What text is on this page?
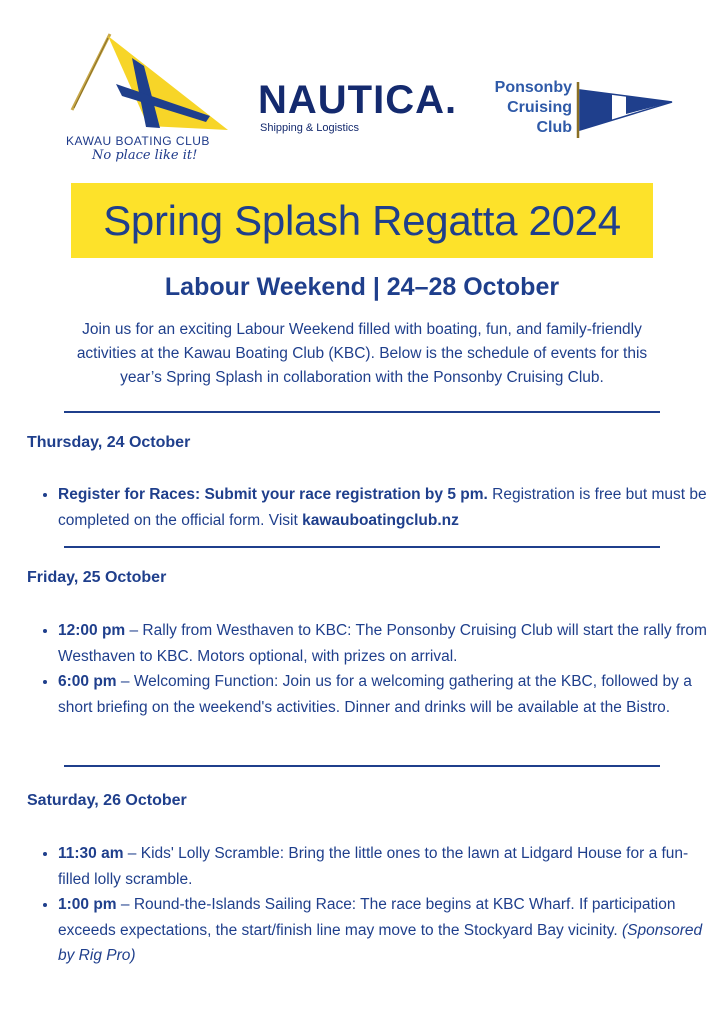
KAWAU BOATING CLUB
No place like it!
NAUTICA.
Shipping & Logistics
Ponsonby
Cruising
Club
Spring Splash Regatta 2024
Labour Weekend | 24–28 October
Join us for an exciting Labour Weekend filled with boating, fun, and family-friendly activities at the Kawau Boating Club (KBC). Below is the schedule of events for this year’s Spring Splash in collaboration with the Ponsonby Cruising Club.
Thursday, 24 October
• Register for Races: Submit your race registration by 5 pm. Registration is free but must be completed on the official form. Visit kawauboatingclub.nz
Friday, 25 October
• 12:00 pm – Rally from Westhaven to KBC: The Ponsonby Cruising Club will start the rally from Westhaven to KBC. Motors optional, with prizes on arrival.
• 6:00 pm – Welcoming Function: Join us for a welcoming gathering at the KBC, followed by a short briefing on the weekend's activities. Dinner and drinks will be available at the Bistro.
Saturday, 26 October
• 11:30 am – Kids' Lolly Scramble: Bring the little ones to the lawn at Lidgard House for a fun-filled lolly scramble.
• 1:00 pm – Round-the-Islands Sailing Race: The race begins at KBC Wharf. If participation exceeds expectations, the start/finish line may move to the Stockyard Bay vicinity. (Sponsored by Rig Pro)
